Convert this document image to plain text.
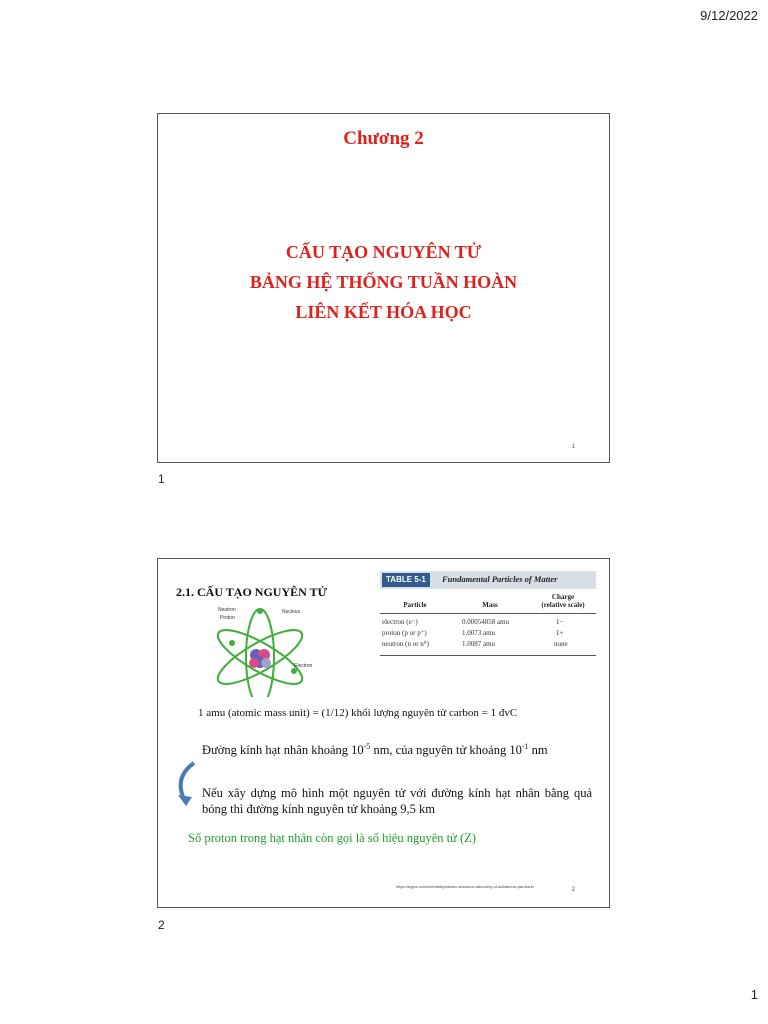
9/12/2022
Chương 2
CẤU TẠO NGUYÊN TỬ
BẢNG HỆ THỐNG TUẦN HOÀN
LIÊN KẾT HÓA HỌC
1
1
2.1. CẤU TẠO NGUYÊN TỬ
Neutron
Proton
Nucleus
Electron
TABLE 5-1	Fundamental Particles of Matter
Charge
Particle	Mass	(relative scale)
electron (e⁻)	0.00054858 amu	1−
proton (p or p⁺)	1.0073 amu	1+
neutron (n or n⁰)	1.0087 amu	none
1 amu (atomic mass unit) = (1/12) khối lượng nguyên tử carbon = 1 đvC
Đường kính hạt nhân khoảng $10^{-5}$ nm, của nguyên tử khoảng $10^{-1}$ nm
Nếu xây dựng mô hình một nguyên tử với đường kính hạt nhân bằng quả bóng thì đường kính nguyên tử khoảng 9,5 km
Số proton trong hạt nhân còn gọi là số hiệu nguyên tử (Z)
https://byjus.com/chemistry/atomic-structure-discovery-of-subatomic-particles/
2
2
1
